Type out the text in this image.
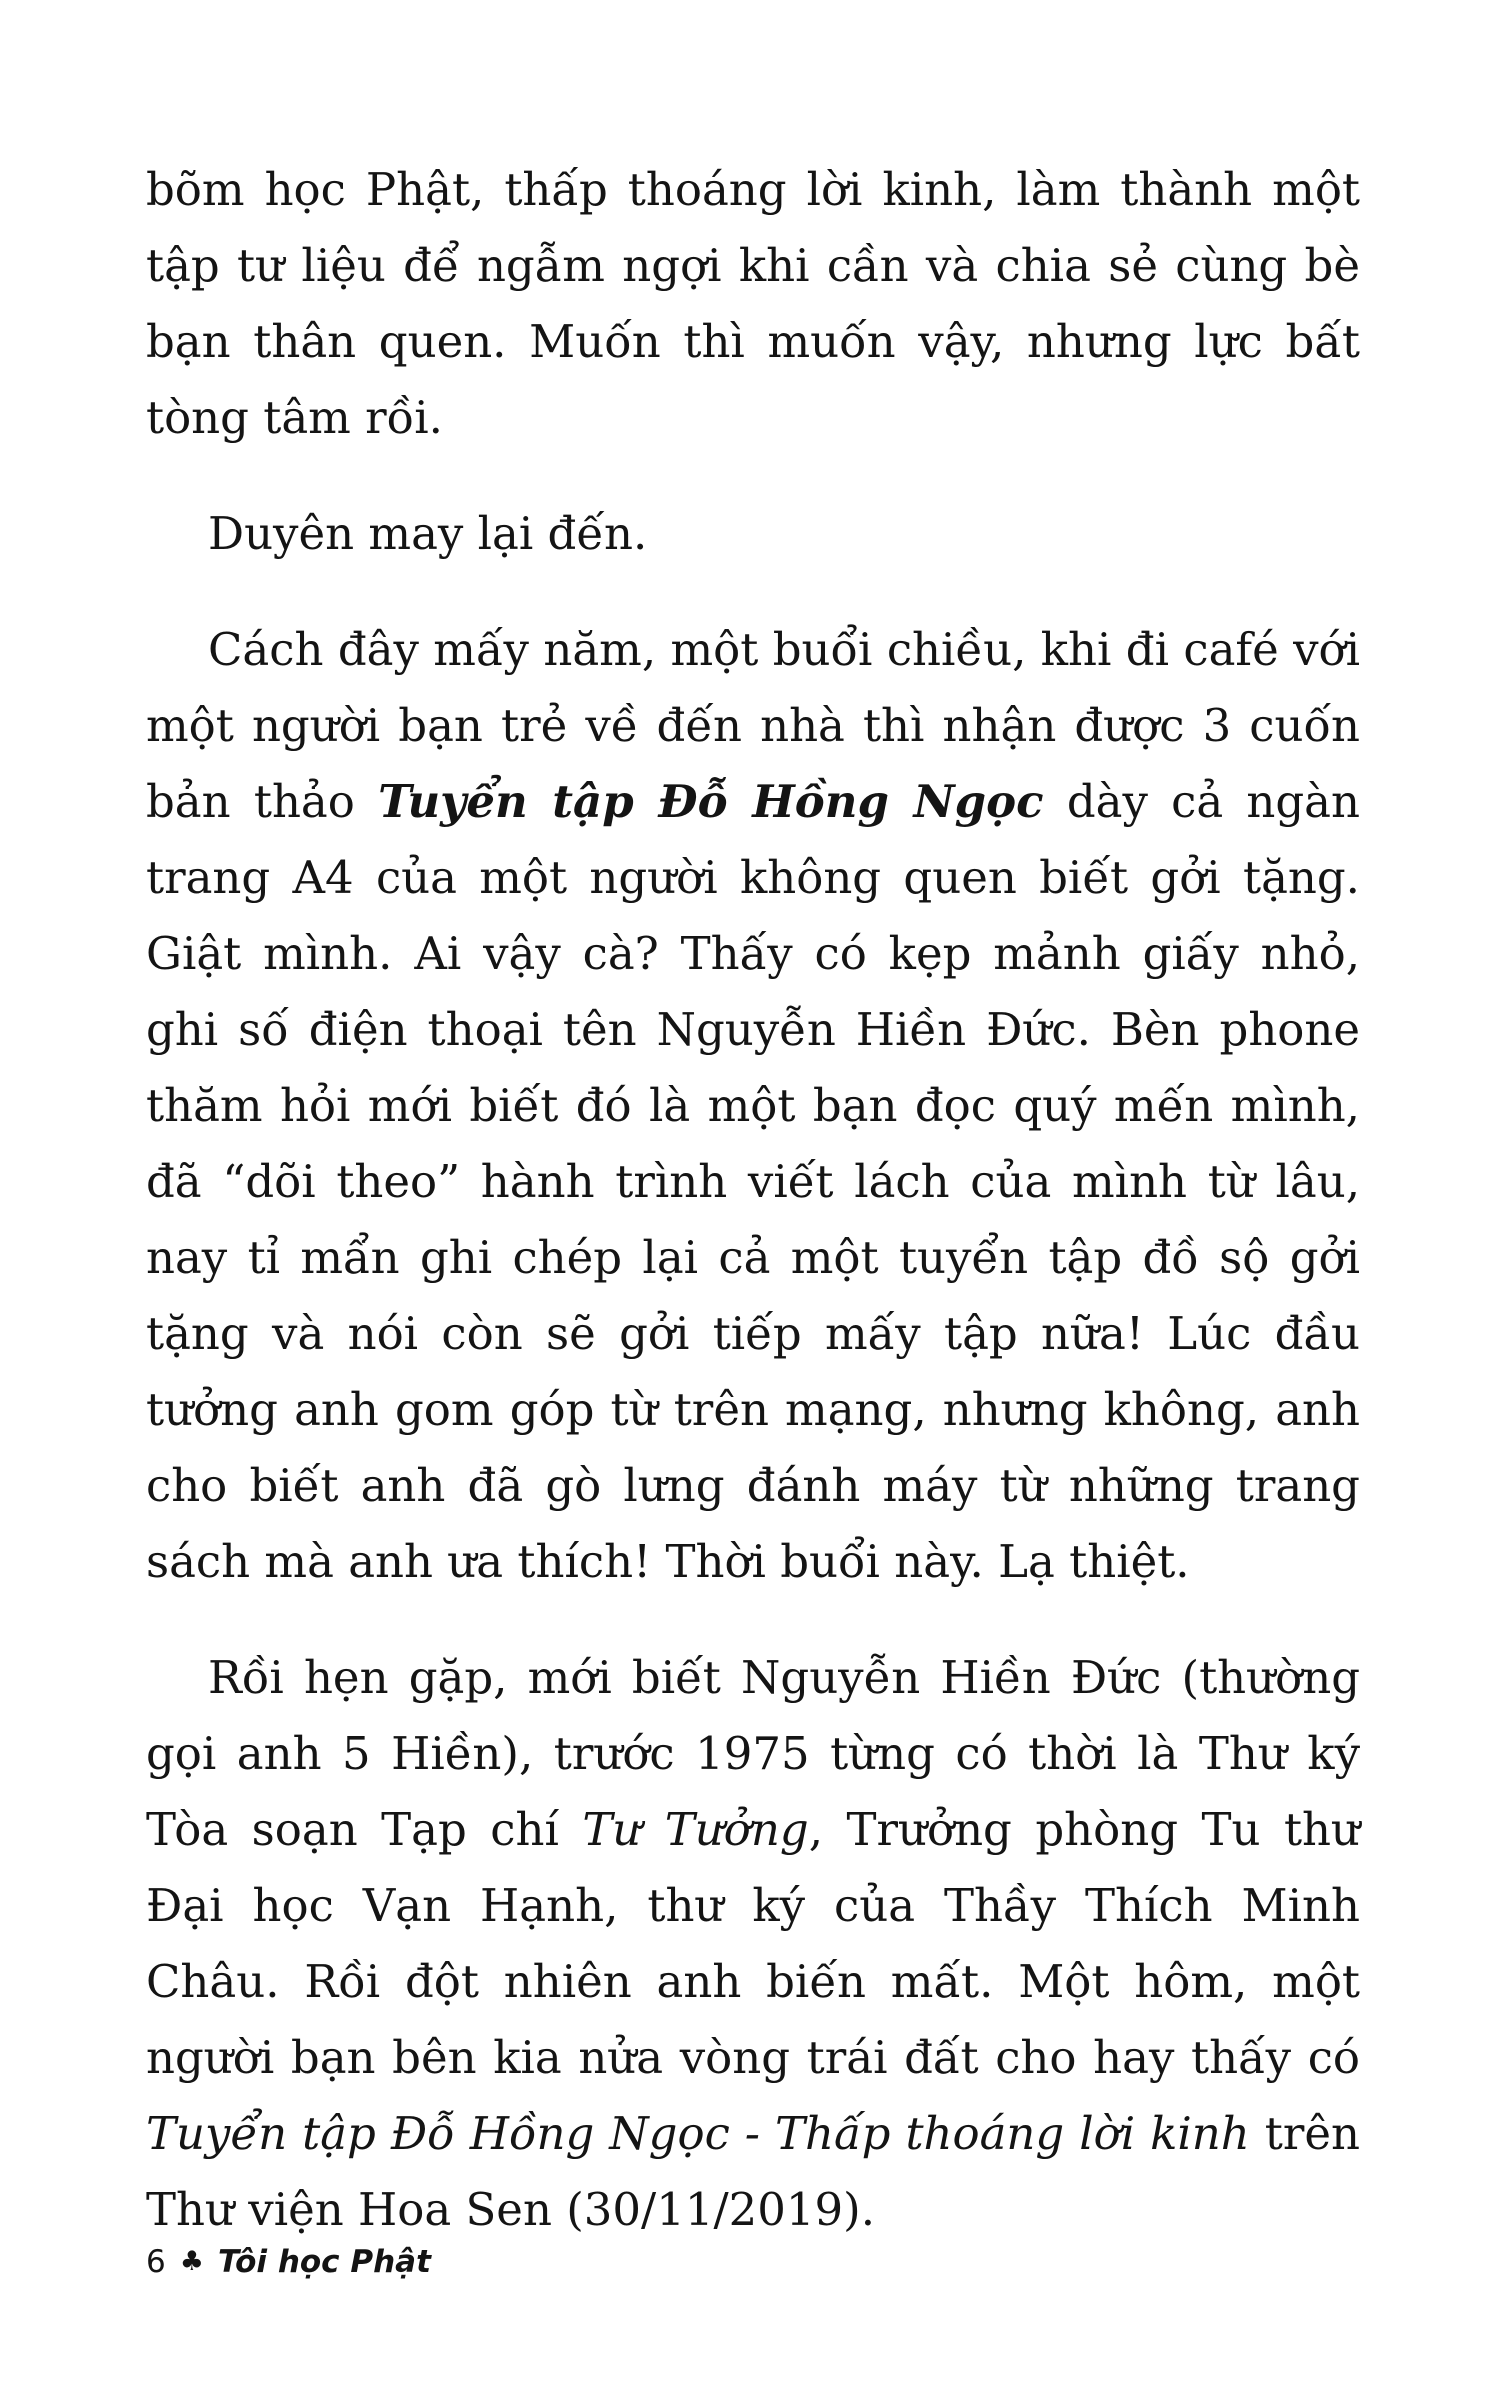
bõm học Phật, thấp thoáng lời kinh, làm thành một tập tư liệu để ngẫm ngợi khi cần và chia sẻ cùng bè bạn thân quen. Muốn thì muốn vậy, nhưng lực bất tòng tâm rồi.

Duyên may lại đến.

Cách đây mấy năm, một buổi chiều, khi đi café với một người bạn trẻ về đến nhà thì nhận được 3 cuốn bản thảo Tuyển tập Đỗ Hồng Ngọc dày cả ngàn trang A4 của một người không quen biết gởi tặng. Giật mình. Ai vậy cà? Thấy có kẹp mảnh giấy nhỏ, ghi số điện thoại tên Nguyễn Hiền Đức. Bèn phone thăm hỏi mới biết đó là một bạn đọc quý mến mình, đã “dõi theo” hành trình viết lách của mình từ lâu, nay tỉ mẩn ghi chép lại cả một tuyển tập đồ sộ gởi tặng và nói còn sẽ gởi tiếp mấy tập nữa! Lúc đầu tưởng anh gom góp từ trên mạng, nhưng không, anh cho biết anh đã gò lưng đánh máy từ những trang sách mà anh ưa thích! Thời buổi này. Lạ thiệt.

Rồi hẹn gặp, mới biết Nguyễn Hiền Đức (thường gọi anh 5 Hiền), trước 1975 từng có thời là Thư ký Tòa soạn Tạp chí Tư Tưởng, Trưởng phòng Tu thư Đại học Vạn Hạnh, thư ký của Thầy Thích Minh Châu. Rồi đột nhiên anh biến mất. Một hôm, một người bạn bên kia nửa vòng trái đất cho hay thấy có Tuyển tập Đỗ Hồng Ngọc - Thấp thoáng lời kinh trên Thư viện Hoa Sen (30/11/2019).

6 ♣ Tôi học Phật
